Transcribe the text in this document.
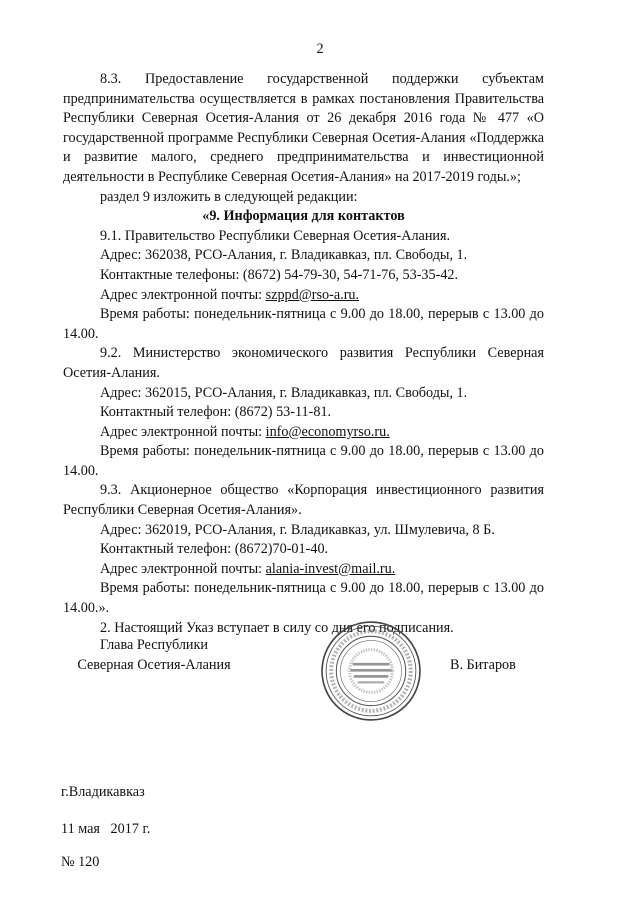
2

8.3. Предоставление государственной поддержки субъектам предпринимательства осуществляется в рамках постановления Правительства Республики Северная Осетия-Алания от 26 декабря 2016 года № 477 «О государственной программе Республики Северная Осетия-Алания «Поддержка и развитие малого, среднего предпринимательства и инвестиционной деятельности в Республике Северная Осетия-Алания» на 2017-2019 годы.»;

раздел 9 изложить в следующей редакции:

«9. Информация для контактов

9.1. Правительство Республики Северная Осетия-Алания.

Адрес: 362038, РСО-Алания, г. Владикавказ, пл. Свободы, 1.

Контактные телефоны: (8672) 54-79-30, 54-71-76, 53-35-42.

Адрес электронной почты: szppd@rso-a.ru.

Время работы: понедельник-пятница с 9.00 до 18.00, перерыв с 13.00 до 14.00.

9.2. Министерство экономического развития Республики Северная Осетия-Алания.

Адрес: 362015, РСО-Алания, г. Владикавказ, пл. Свободы, 1.

Контактный телефон: (8672) 53-11-81.

Адрес электронной почты: info@economyrso.ru.

Время работы: понедельник-пятница с 9.00 до 18.00, перерыв с 13.00 до 14.00.

9.3. Акционерное общество «Корпорация инвестиционного развития Республики Северная Осетия-Алания».

Адрес: 362019, РСО-Алания, г. Владикавказ, ул. Шмулевича, 8 Б.

Контактный телефон: (8672)70-01-40.

Адрес электронной почты: alania-invest@mail.ru.

Время работы: понедельник-пятница с 9.00 до 18.00, перерыв с 13.00 до 14.00.».

2. Настоящий Указ вступает в силу со дня его подписания.

Глава Республики
Северная Осетия-Алания	В. Битаров
г.Владикавказ
11 мая   2017 г.
№ 120
